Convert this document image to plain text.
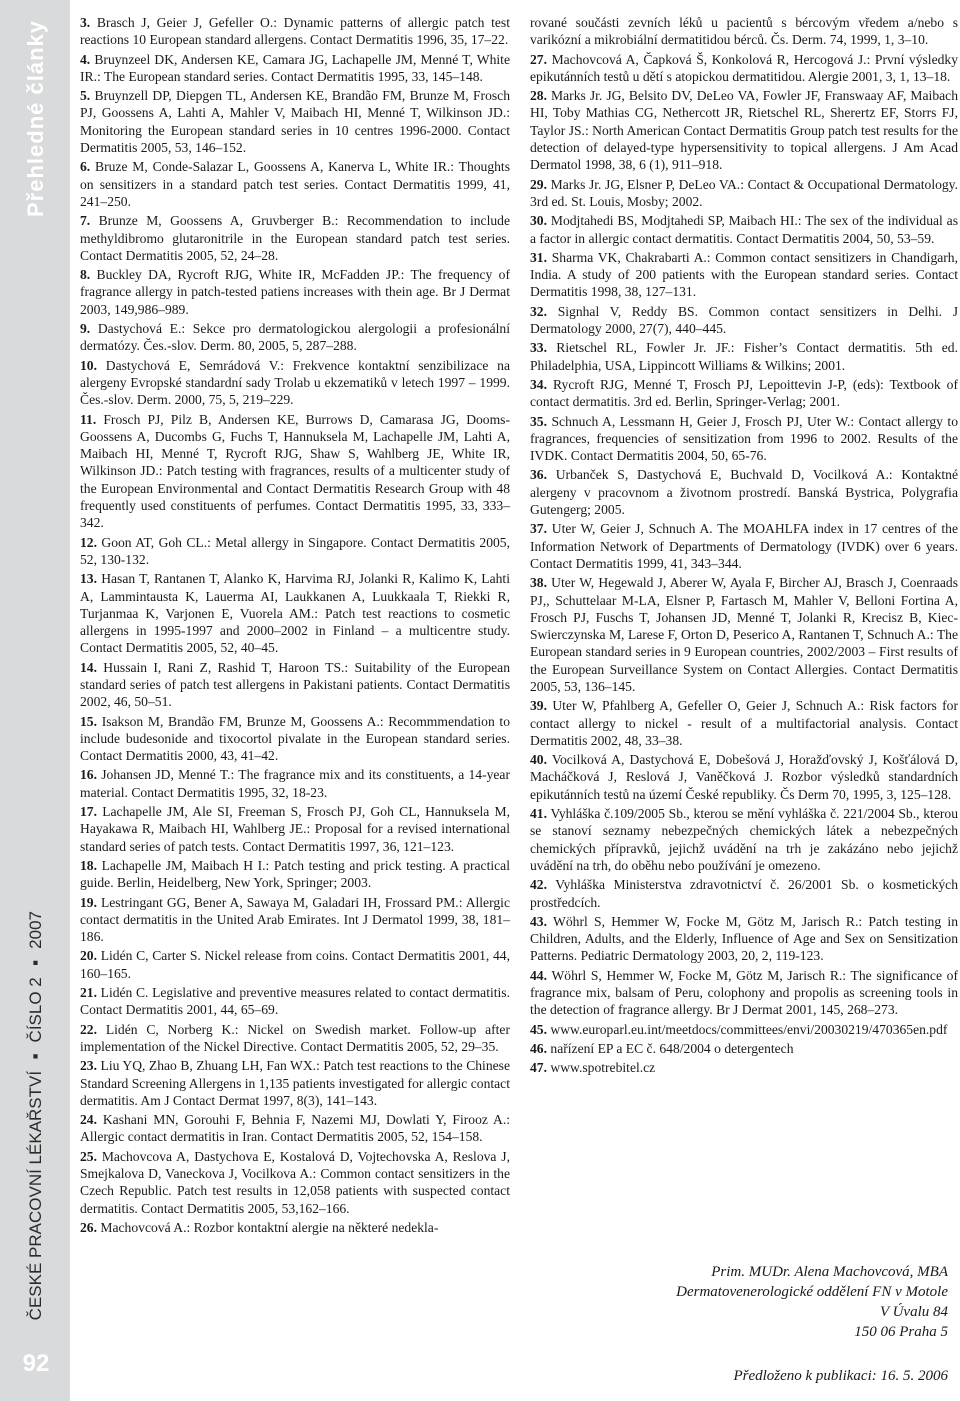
Přehledné články
ČESKÉ PRACOVNÍ LÉKAŘSTVÍ ▪ ČÍSLO 2 ▪ 2007
92

3. Brasch J, Geier J, Gefeller O.: Dynamic patterns of allergic patch test reactions 10 European standard allergens. Contact Dermatitis 1996, 35, 17–22.

4. Bruynzeel DK, Andersen KE, Camara JG, Lachapelle JM, Menné T, White IR.: The European standard series. Contact Dermatitis 1995, 33, 145–148.

5. Bruynzell DP, Diepgen TL, Andersen KE, Brandão FM, Brunze M, Frosch PJ, Goossens A, Lahti A, Mahler V, Maibach HI, Menné T, Wilkinson JD.: Monitoring the European standard series in 10 centres 1996-2000. Contact Dermatitis 2005, 53, 146–152.

6. Bruze M, Conde-Salazar L, Goossens A, Kanerva L, White IR.: Thoughts on sensitizers in a standard patch test series. Contact Dermatitis 1999, 41, 241–250.

7. Brunze M, Goossens A, Gruvberger B.: Recommendation to include methyldibromo glutaronitrile in the European standard patch test series. Contact Dermatitis 2005, 52, 24–28.

8. Buckley DA, Rycroft RJG, White IR, McFadden JP.: The frequency of fragrance allergy in patch-tested patiens increases with thein age. Br J Dermat 2003, 149,986–989.

9. Dastychová E.: Sekce pro dermatologickou alergologii a profesionální dermatózy. Čes.-slov. Derm. 80, 2005, 5, 287–288.

10. Dastychová E, Semrádová V.: Frekvence kontaktní senzibilizace na alergeny Evropské standardní sady Trolab u ekzematiků v letech 1997 – 1999. Čes.-slov. Derm. 2000, 75, 5, 219–229.

11. Frosch PJ, Pilz B, Andersen KE, Burrows D, Camarasa JG, Dooms-Goossens A, Ducombs G, Fuchs T, Hannuksela M, Lachapelle JM, Lahti A, Maibach HI, Menné T, Rycroft RJG, Shaw S, Wahlberg JE, White IR, Wilkinson JD.: Patch testing with fragrances, results of a multicenter study of the European Environmental and Contact Dermatitis Research Group with 48 frequently used constituents of perfumes. Contact Dermatitis 1995, 33, 333–342.

12. Goon AT, Goh CL.: Metal allergy in Singapore. Contact Dermatitis 2005, 52, 130-132.

13. Hasan T, Rantanen T, Alanko K, Harvima RJ, Jolanki R, Kalimo K, Lahti A, Lammintausta K, Lauerma AI, Laukkanen A, Luukkaala T, Riekki R, Turjanmaa K, Varjonen E, Vuorela AM.: Patch test reactions to cosmetic allergens in 1995-1997 and 2000–2002 in Finland – a multicentre study. Contact Dermatitis 2005, 52, 40–45.

14. Hussain I, Rani Z, Rashid T, Haroon TS.: Suitability of the European standard series of patch test allergens in Pakistani patients. Contact Dermatitis 2002, 46, 50–51.

15. Isakson M, Brandão FM, Brunze M, Goossens A.: Recommmendation to include budesonide and tixocortol pivalate in the European standard series. Contact Dermatitis 2000, 43, 41–42.

16. Johansen JD, Menné T.: The fragrance mix and its constituents, a 14-year material. Contact Dermatitis 1995, 32, 18-23.

17. Lachapelle JM, Ale SI, Freeman S, Frosch PJ, Goh CL, Hannuksela M, Hayakawa R, Maibach HI, Wahlberg JE.: Proposal for a revised international standard series of patch tests. Contact Dermatitis 1997, 36, 121–123.

18. Lachapelle JM, Maibach H I.: Patch testing and prick testing. A practical guide. Berlin, Heidelberg, New York, Springer; 2003.

19. Lestringant GG, Bener A, Sawaya M, Galadari IH, Frossard PM.: Allergic contact dermatitis in the United Arab Emirates. Int J Dermatol 1999, 38, 181–186.

20. Lidén C, Carter S. Nickel release from coins. Contact Dermatitis 2001, 44, 160–165.

21. Lidén C. Legislative and preventive measures related to contact dermatitis. Contact Dermatitis 2001, 44, 65–69.

22. Lidén C, Norberg K.: Nickel on Swedish market. Follow-up after implementation of the Nickel Directive. Contact Dermatitis 2005, 52, 29–35.

23. Liu YQ, Zhao B, Zhuang LH, Fan WX.: Patch test reactions to the Chinese Standard Screening Allergens in 1,135 patients investigated for allergic contact dermatitis. Am J Contact Dermat 1997, 8(3), 141–143.

24. Kashani MN, Gorouhi F, Behnia F, Nazemi MJ, Dowlati Y, Firooz A.: Allergic contact dermatitis in Iran. Contact Dermatitis 2005, 52, 154–158.

25. Machovcova A, Dastychova E, Kostalová D, Vojtechovska A, Reslova J, Smejkalova D, Vaneckova J, Vocilkova A.: Common contact sensitizers in the Czech Republic. Patch test results in 12,058 patients with suspected contact dermatitis. Contact Dermatitis 2005, 53,162–166.

26. Machovcová A.: Rozbor kontaktní alergie na některé nedekla-

rované součásti zevních léků u pacientů s bércovým vředem a/nebo s varikózní a mikrobiální dermatitidou bérců. Čs. Derm. 74, 1999, 1, 3–10.

27. Machovcová A, Čapková Š, Konkolová R, Hercogová J.: První výsledky epikutánních testů u dětí s atopickou dermatitidou. Alergie 2001, 3, 1, 13–18.

28. Marks Jr. JG, Belsito DV, DeLeo VA, Fowler JF, Franswaay AF, Maibach HI, Toby Mathias CG, Nethercott JR, Rietschel RL, Sherertz EF, Storrs FJ, Taylor JS.: North American Contact Dermatitis Group patch test results for the detection of delayed-type hypersensitivity to topical allergens. J Am Acad Dermatol 1998, 38, 6 (1), 911–918.

29. Marks Jr. JG, Elsner P, DeLeo VA.: Contact & Occupational Dermatology. 3rd ed. St. Louis, Mosby; 2002.

30. Modjtahedi BS, Modjtahedi SP, Maibach HI.: The sex of the individual as a factor in allergic contact dermatitis. Contact Dermatitis 2004, 50, 53–59.

31. Sharma VK, Chakrabarti A.: Common contact sensitizers in Chandigarh, India. A study of 200 patients with the European standard series. Contact Dermatitis 1998, 38, 127–131.

32. Signhal V, Reddy BS. Common contact sensitizers in Delhi. J Dermatology 2000, 27(7), 440–445.

33. Rietschel RL, Fowler Jr. JF.: Fisher’s Contact dermatitis. 5th ed. Philadelphia, USA, Lippincott Williams & Wilkins; 2001.

34. Rycroft RJG, Menné T, Frosch PJ, Lepoittevin J-P, (eds): Textbook of contact dermatitis. 3rd ed. Berlin, Springer-Verlag; 2001.

35. Schnuch A, Lessmann H, Geier J, Frosch PJ, Uter W.: Contact allergy to fragrances, frequencies of sensitization from 1996 to 2002. Results of the IVDK. Contact Dermatitis 2004, 50, 65-76.

36. Urbanček S, Dastychová E, Buchvald D, Vocilková A.: Kontaktné alergeny v pracovnom a životnom prostredí. Banská Bystrica, Polygrafia Gutengerg; 2005.

37. Uter W, Geier J, Schnuch A. The MOAHLFA index in 17 centres of the Information Network of Departments of Dermatology (IVDK) over 6 years. Contact Dermatitis 1999, 41, 343–344.

38. Uter W, Hegewald J, Aberer W, Ayala F, Bircher AJ, Brasch J, Coenraads PJ,, Schuttelaar M-LA, Elsner P, Fartasch M, Mahler V, Belloni Fortina A, Frosch PJ, Fuschs T, Johansen JD, Menné T, Jolanki R, Krecisz B, Kiec-Swierczynska M, Larese F, Orton D, Peserico A, Rantanen T, Schnuch A.: The European standard series in 9 European countries, 2002/2003 – First results of the European Surveillance System on Contact Allergies. Contact Dermatitis 2005, 53, 136–145.

39. Uter W, Pfahlberg A, Gefeller O, Geier J, Schnuch A.: Risk factors for contact allergy to nickel - result of a multifactorial analysis. Contact Dermatitis 2002, 48, 33–38.

40. Vocilková A, Dastychová E, Dobešová J, Horažďovský J, Košťálová D, Macháčková J, Reslová J, Vaněčková J. Rozbor výsledků standardních epikutánních testů na území České republiky. Čs Derm 70, 1995, 3, 125–128.

41. Vyhláška č.109/2005 Sb., kterou se mění vyhláška č. 221/2004 Sb., kterou se stanoví seznamy nebezpečných chemických látek a nebezpečných chemických přípravků, jejichž uvádění na trh je zakázáno nebo jejichž uvádění na trh, do oběhu nebo používání je omezeno.

42. Vyhláška Ministerstva zdravotnictví č. 26/2001 Sb. o kosmetických prostředcích.

43. Wöhrl S, Hemmer W, Focke M, Götz M, Jarisch R.: Patch testing in Children, Adults, and the Elderly, Influence of Age and Sex on Sensitization Patterns. Pediatric Dermatology 2003, 20, 2, 119-123.

44. Wöhrl S, Hemmer W, Focke M, Götz M, Jarisch R.: The significance of fragrance mix, balsam of Peru, colophony and propolis as screening tools in the detection of fragrance allergy. Br J Dermat 2001, 145, 268–273.

45. www.europarl.eu.int/meetdocs/committees/envi/20030219/470365en.pdf

46. nařízení EP a EC č. 648/2004 o detergentech

47. www.spotrebitel.cz

Prim. MUDr. Alena Machovcová, MBA
Dermatovenerologické oddělení FN v Motole
V Úvalu 84
150 06 Praha 5
Předloženo k publikaci: 16. 5. 2006
